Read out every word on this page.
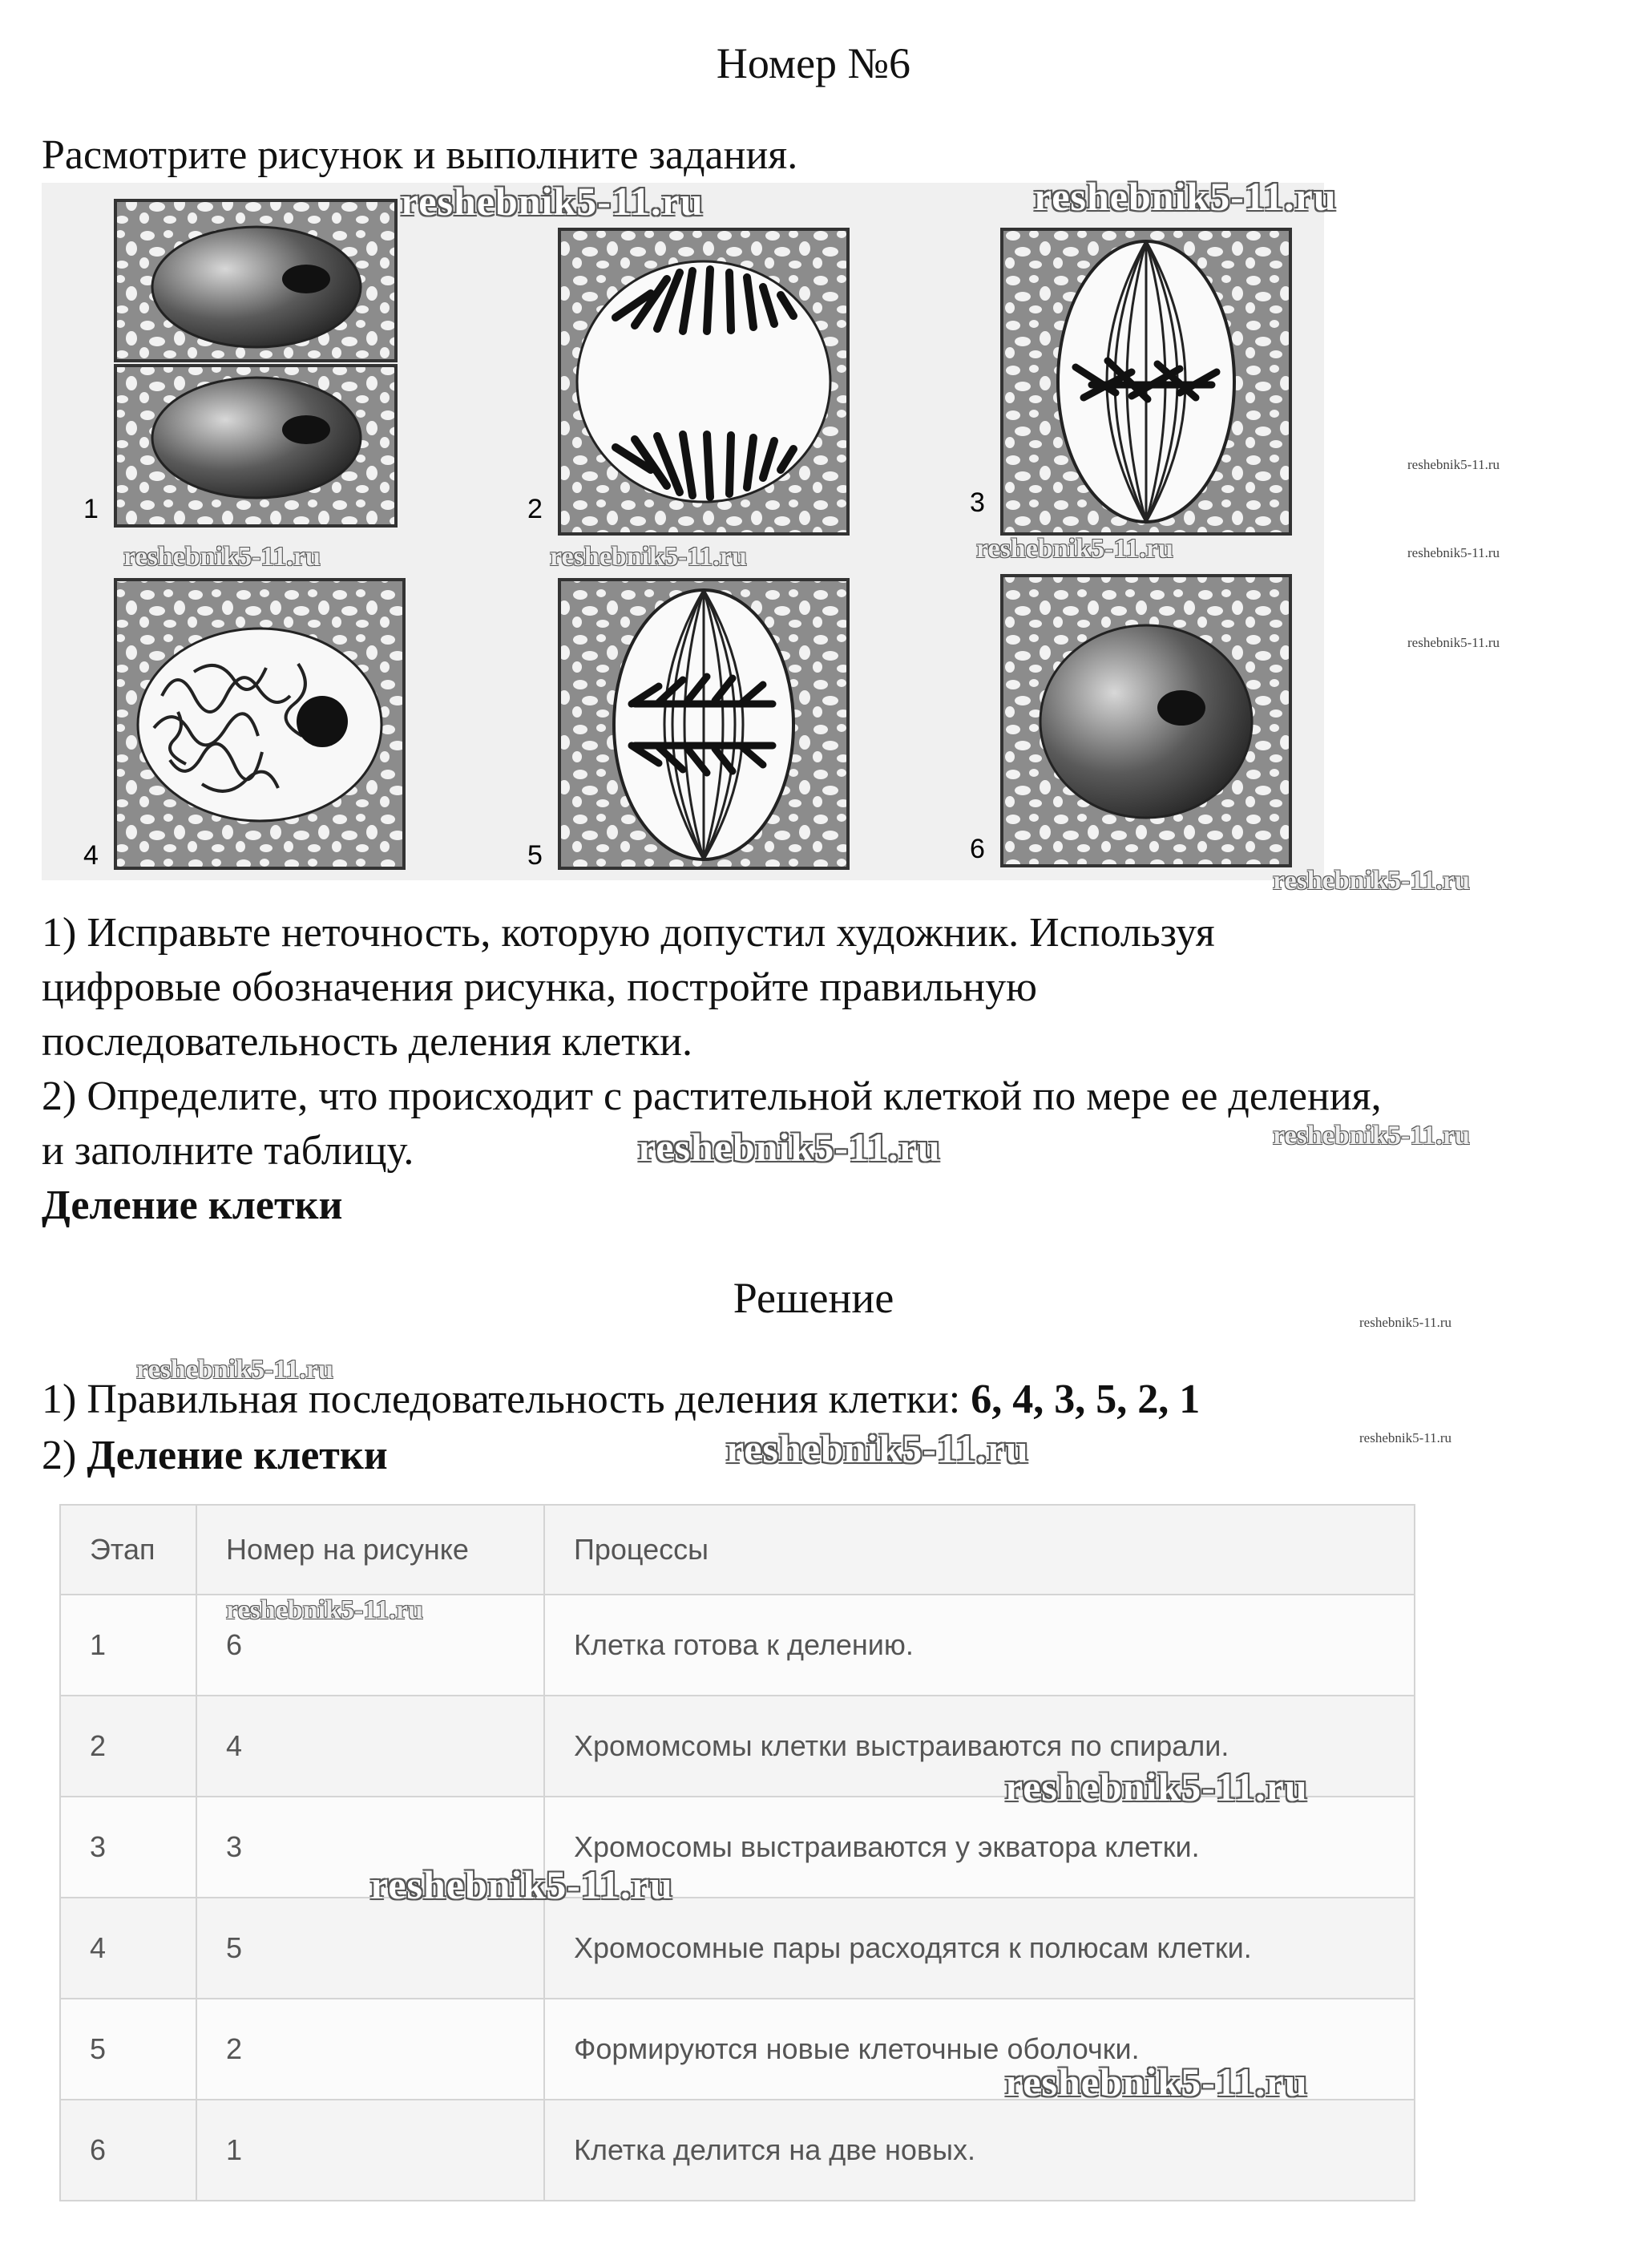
Номер №6
Расмотрите рисунок и выполните задания.
1	2	3
4	5	6
1) Исправьте неточность, которую допустил художник. Используя
цифровые обозначения рисунка, постройте правильную
последовательность деления клетки.
2) Определите, что происходит с растительной клеткой по мере ее деления,
и заполните таблицу.
Деление клетки
Решение
1) Правильная последовательность деления клетки: 6, 4, 3, 5, 2, 1
2) Деление клетки
Этап	Номер на рисунке	Процессы
1	6	Клетка готова к делению.
2	4	Хромомсомы клетки выстраиваются по спирали.
3	3	Хромосомы выстраиваются у экватора клетки.
4	5	Хромосомные пары расходятся к полюсам клетки.
5	2	Формируются новые клеточные оболочки.
6	1	Клетка делится на две новых.
reshebnik5-11.ru	reshebnik5-11.ru
reshebnik5-11.ru	reshebnik5-11.ru	reshebnik5-11.ru
reshebnik5-11.ru
reshebnik5-11.ru	reshebnik5-11.ru
reshebnik5-11.ru
reshebnik5-11.ru
reshebnik5-11.ru
reshebnik5-11.ru
reshebnik5-11.ru
reshebnik5-11.ru
reshebnik5-11.ru
reshebnik5-11.ru
reshebnik5-11.ru
reshebnik5-11.ru
reshebnik5-11.ru
